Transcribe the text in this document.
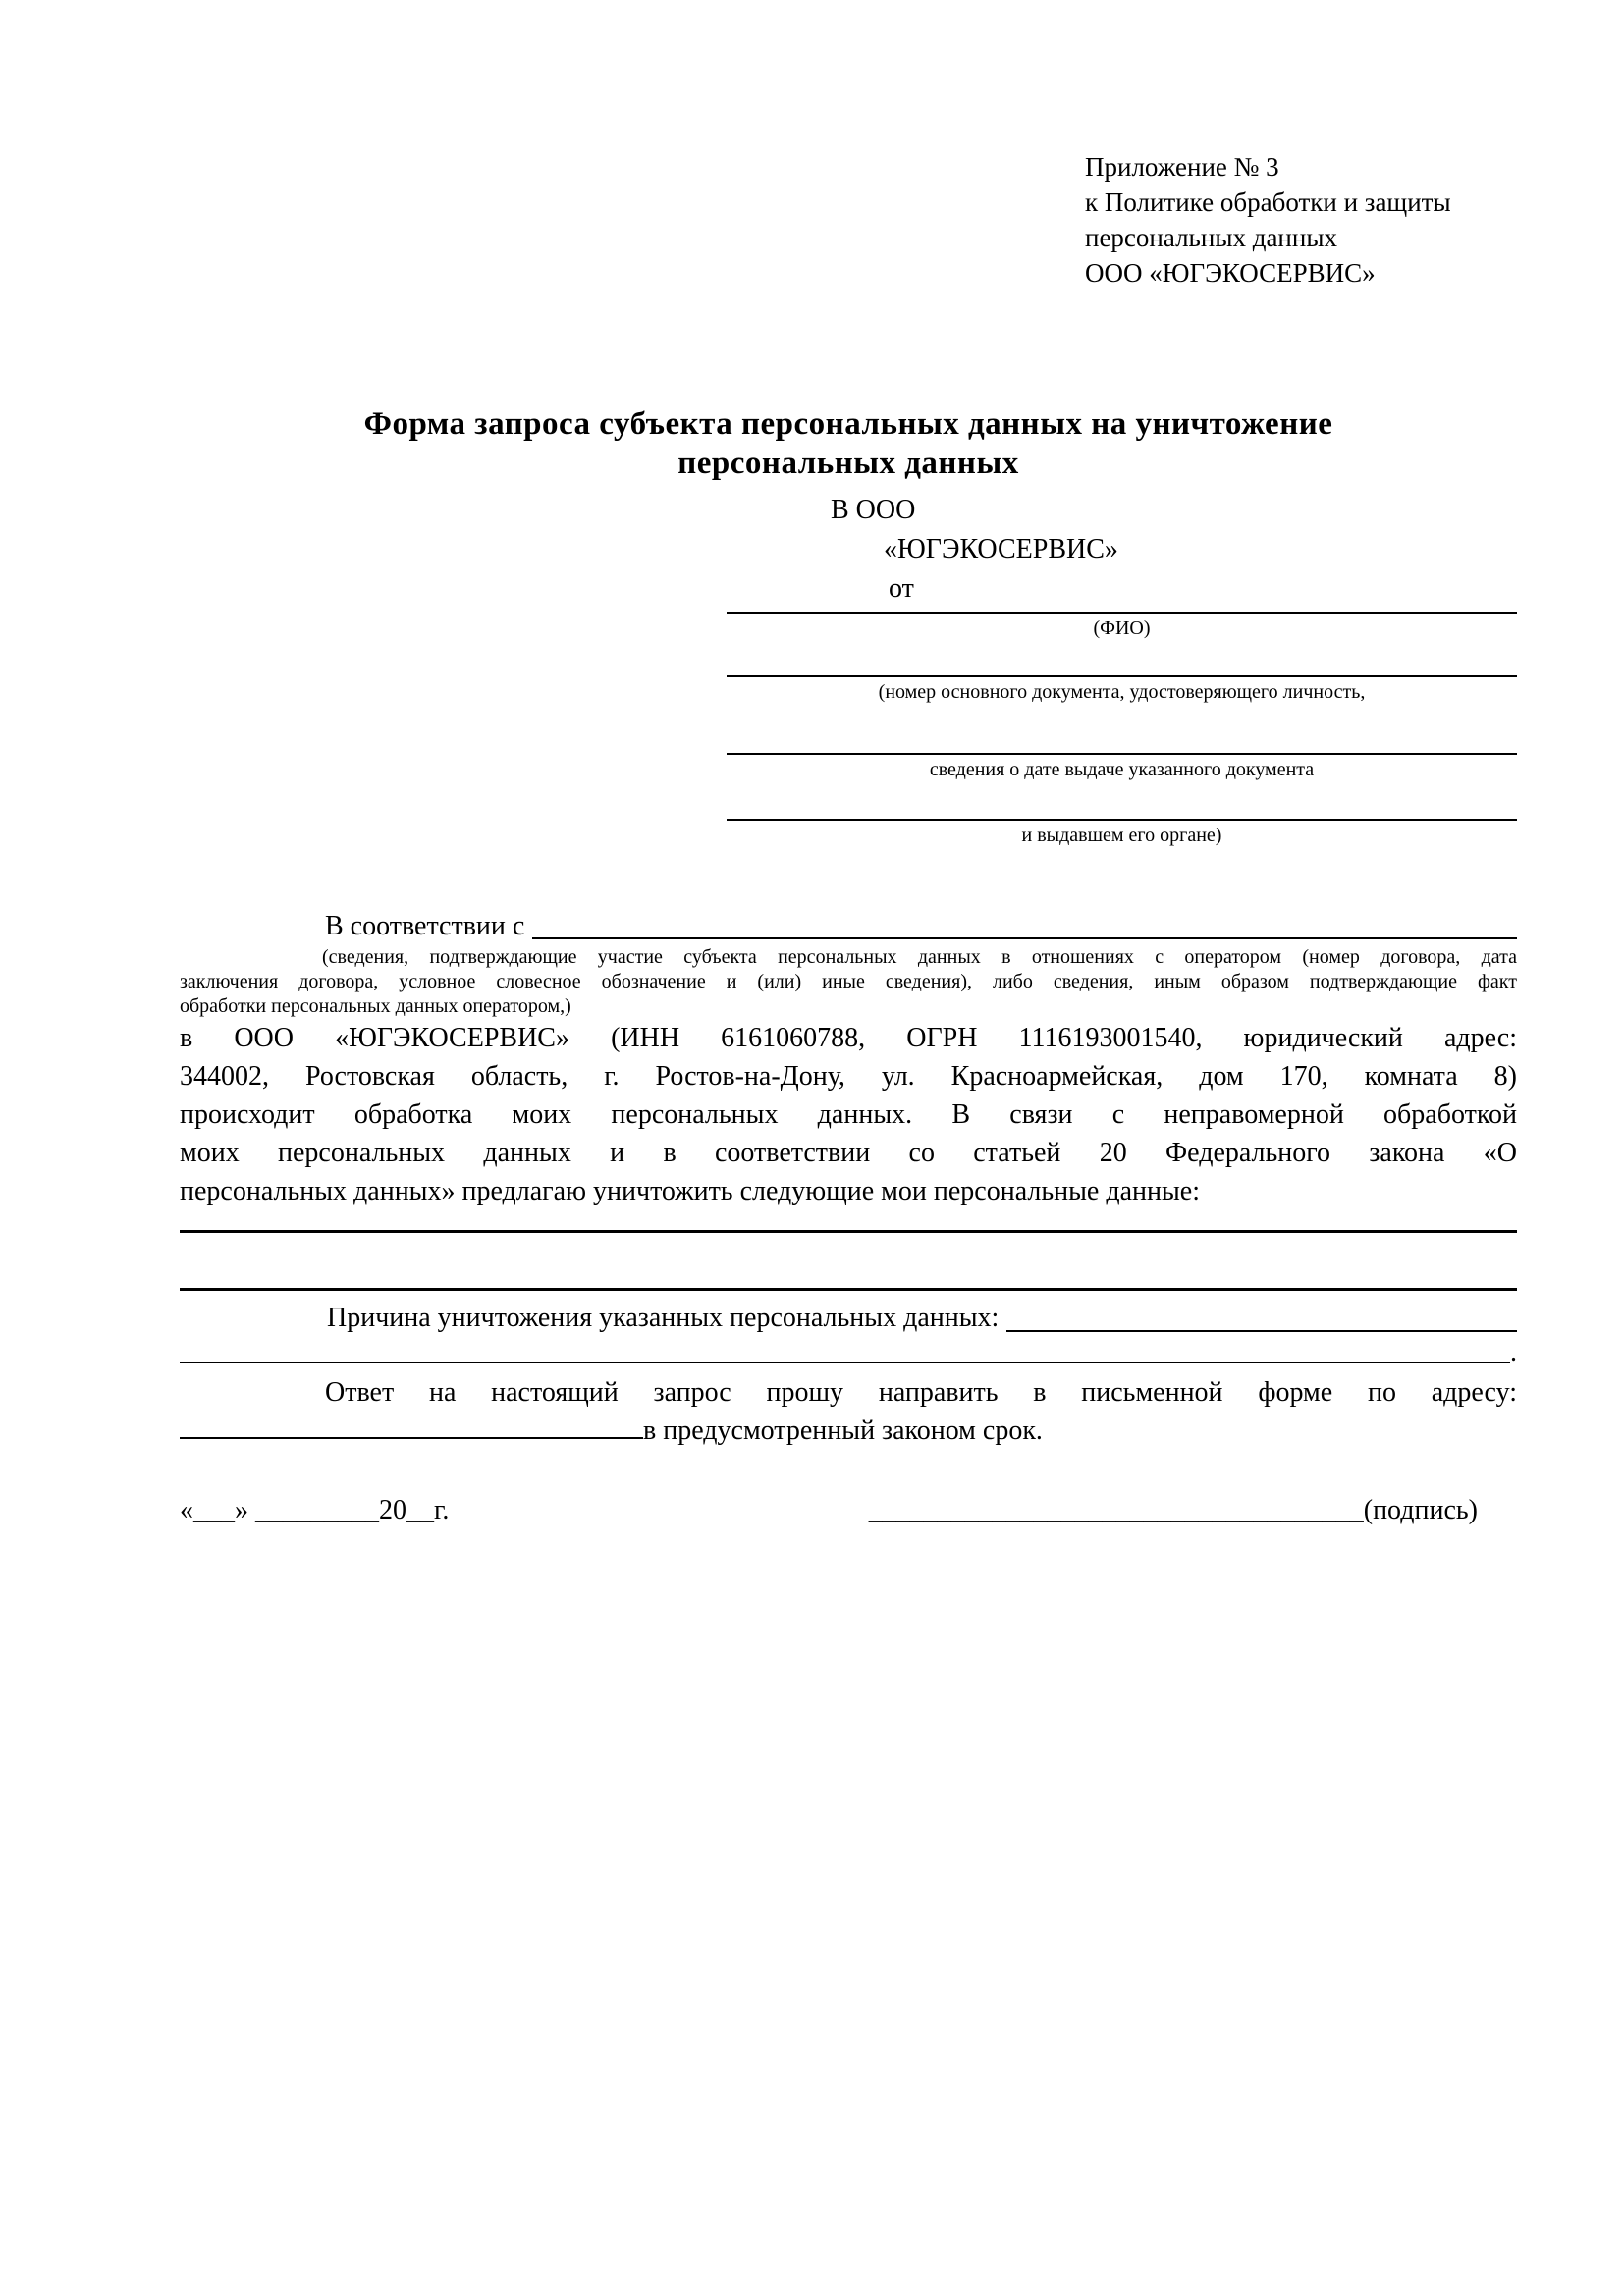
Приложение № 3
к Политике обработки и защиты
персональных данных
ООО «ЮГЭКОСЕРВИС»
Форма запроса субъекта персональных данных на уничтожение
персональных данных
В ООО
«ЮГЭКОСЕРВИС»
от
(ФИО)
(номер основного документа, удостоверяющего личность,
сведения о дате выдаче указанного документа
и выдавшем его органе)
В соответствии с
(сведения, подтверждающие участие субъекта персональных данных в отношениях с оператором (номер договора, дата
заключения договора, условное словесное обозначение и (или) иные сведения), либо сведения, иным образом подтверждающие факт
обработки персональных данных оператором,)
в ООО «ЮГЭКОСЕРВИС» (ИНН 6161060788, ОГРН 1116193001540, юридический адрес:
344002, Ростовская область, г. Ростов-на-Дону, ул. Красноармейская, дом 170, комната 8)
происходит обработка моих персональных данных. В связи с неправомерной обработкой
моих персональных данных и в соответствии со статьей 20 Федерального закона «О
персональных данных» предлагаю уничтожить следующие мои персональные данные:
Причина уничтожения указанных персональных данных:
.
Ответ на настоящий запрос прошу направить в письменной форме по адресу:
в предусмотренный законом срок.
«___» _________20__г.	____________________________________(подпись)
